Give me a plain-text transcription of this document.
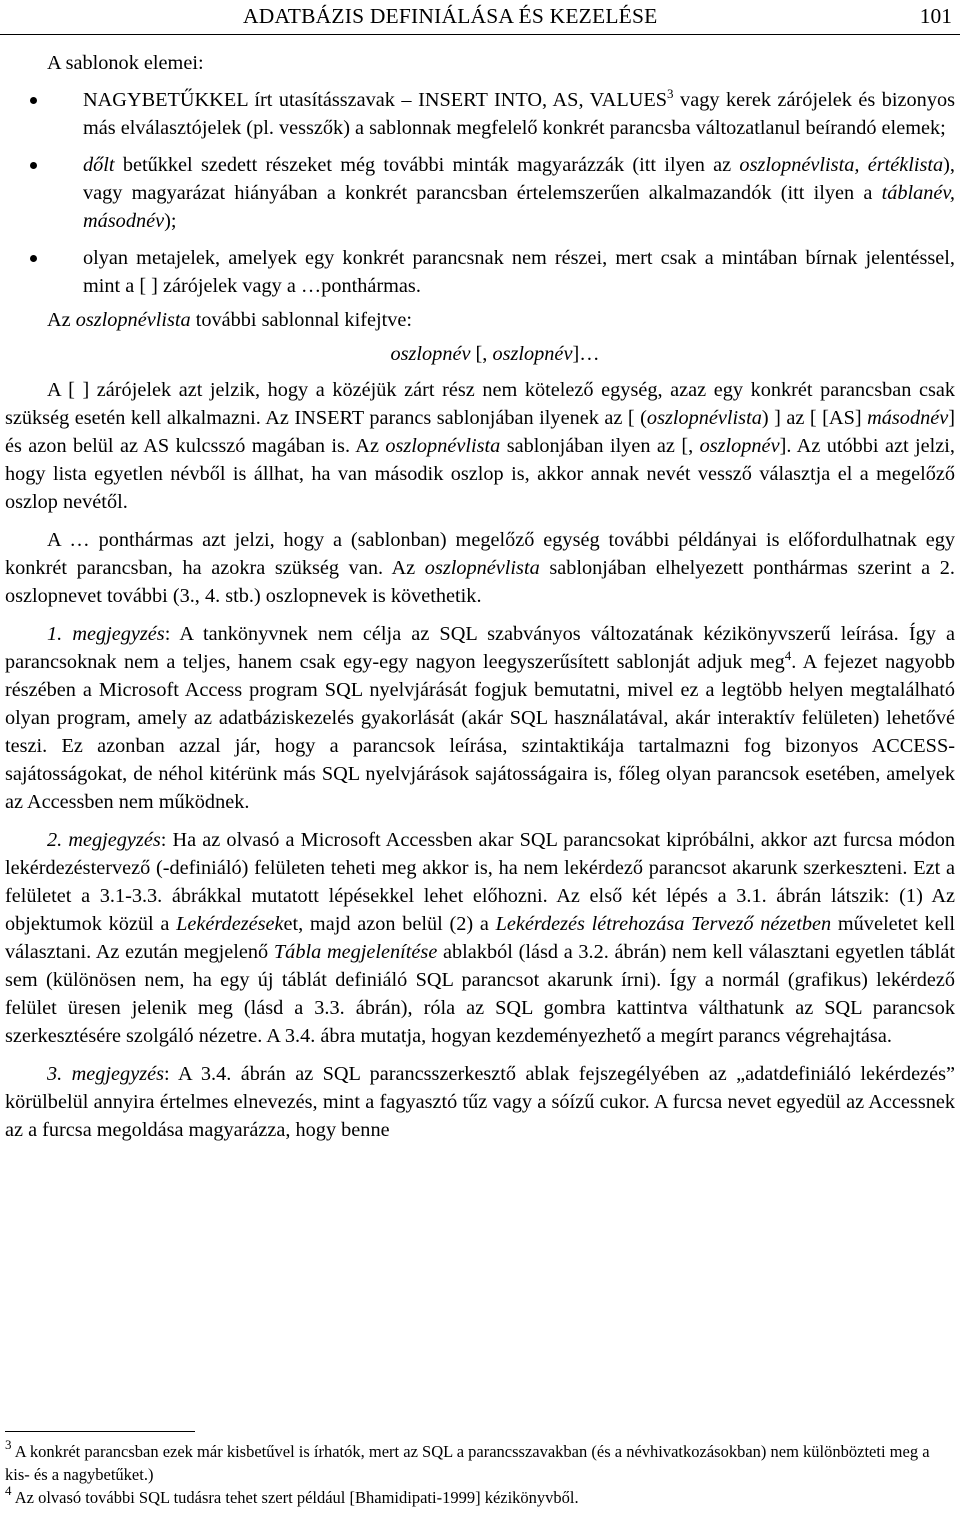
ADATBÁZIS DEFINIÁLÁSA ÉS KEZELÉSE	101

A sablonok elemei:

NAGYBETŰKKEL írt utasításszavak – INSERT INTO, AS, VALUES$^3$ vagy kerek zárójelek és bizonyos más elválasztójelek (pl. vesszők) a sablonnak megfelelő konkrét parancsba változatlanul beírandó elemek;
dőlt betűkkel szedett részeket még további minták magyarázzák (itt ilyen az oszlopnévlista, értéklista), vagy magyarázat hiányában a konkrét parancsban értelemszerűen alkalmazandók (itt ilyen a táblanév, másodnév);
olyan metajelek, amelyek egy konkrét parancsnak nem részei, mert csak a mintában bírnak jelentéssel, mint a [ ] zárójelek vagy a …ponthármas.

Az oszlopnévlista további sablonnal kifejtve:

oszlopnév [, oszlopnév]…

A [ ] zárójelek azt jelzik, hogy a közéjük zárt rész nem kötelező egység, azaz egy konkrét parancsban csak szükség esetén kell alkalmazni. Az INSERT parancs sablonjában ilyenek az [ (oszlopnévlista) ] az [ [AS] másodnév] és azon belül az AS kulcsszó magában is. Az oszlopnévlista sablonjában ilyen az [, oszlopnév]. Az utóbbi azt jelzi, hogy lista egyetlen névből is állhat, ha van második oszlop is, akkor annak nevét vessző választja el a megelőző oszlop nevétől.

A … ponthármas azt jelzi, hogy a (sablonban) megelőző egység további példányai is előfordulhatnak egy konkrét parancsban, ha azokra szükség van. Az oszlopnévlista sablonjában elhelyezett ponthármas szerint a 2. oszlopnevet további (3., 4. stb.) oszlopnevek is követhetik.

1. megjegyzés: A tankönyvnek nem célja az SQL szabványos változatának kézikönyvszerű leírása. Így a parancsoknak nem a teljes, hanem csak egy-egy nagyon leegyszerűsített sablonját adjuk meg$^4$. A fejezet nagyobb részében a Microsoft Access program SQL nyelvjárását fogjuk bemutatni, mivel ez a legtöbb helyen megtalálható olyan program, amely az adatbáziskezelés gyakorlását (akár SQL használatával, akár interaktív felületen) lehetővé teszi. Ez azonban azzal jár, hogy a parancsok leírása, szintaktikája tartalmazni fog bizonyos ACCESS-sajátosságokat, de néhol kitérünk más SQL nyelvjárások sajátosságaira is, főleg olyan parancsok esetében, amelyek az Accessben nem működnek.

2. megjegyzés: Ha az olvasó a Microsoft Accessben akar SQL parancsokat kipróbálni, akkor azt furcsa módon lekérdezéstervező (-definiáló) felületen teheti meg akkor is, ha nem lekérdező parancsot akarunk szerkeszteni. Ezt a felületet a 3.1-3.3. ábrákkal mutatott lépésekkel lehet előhozni. Az első két lépés a 3.1. ábrán látszik: (1) Az objektumok közül a Lekérdezéseket, majd azon belül (2) a Lekérdezés létrehozása Tervező nézetben műveletet kell választani. Az ezután megjelenő Tábla megjelenítése ablakból (lásd a 3.2. ábrán) nem kell választani egyetlen táblát sem (különösen nem, ha egy új táblát definiáló SQL parancsot akarunk írni). Így a normál (grafikus) lekérdező felület üresen jelenik meg (lásd a 3.3. ábrán), róla az SQL gombra kattintva válthatunk az SQL parancsok szerkesztésére szolgáló nézetre. A 3.4. ábra mutatja, hogyan kezdeményezhető a megírt parancs végrehajtása.

3. megjegyzés: A 3.4. ábrán az SQL parancsszerkesztő ablak fejszegélyében az „adatdefiniáló lekérdezés” körülbelül annyira értelmes elnevezés, mint a fagyasztó tűz vagy a sóízű cukor. A furcsa nevet egyedül az Accessnek az a furcsa megoldása magyarázza, hogy benne

$^3$ A konkrét parancsban ezek már kisbetűvel is írhatók, mert az SQL a parancsszavakban (és a névhivatkozásokban) nem különbözteti meg a kis- és a nagybetűket.)

$^4$ Az olvasó további SQL tudásra tehet szert például [Bhamidipati-1999] kézikönyvből.
